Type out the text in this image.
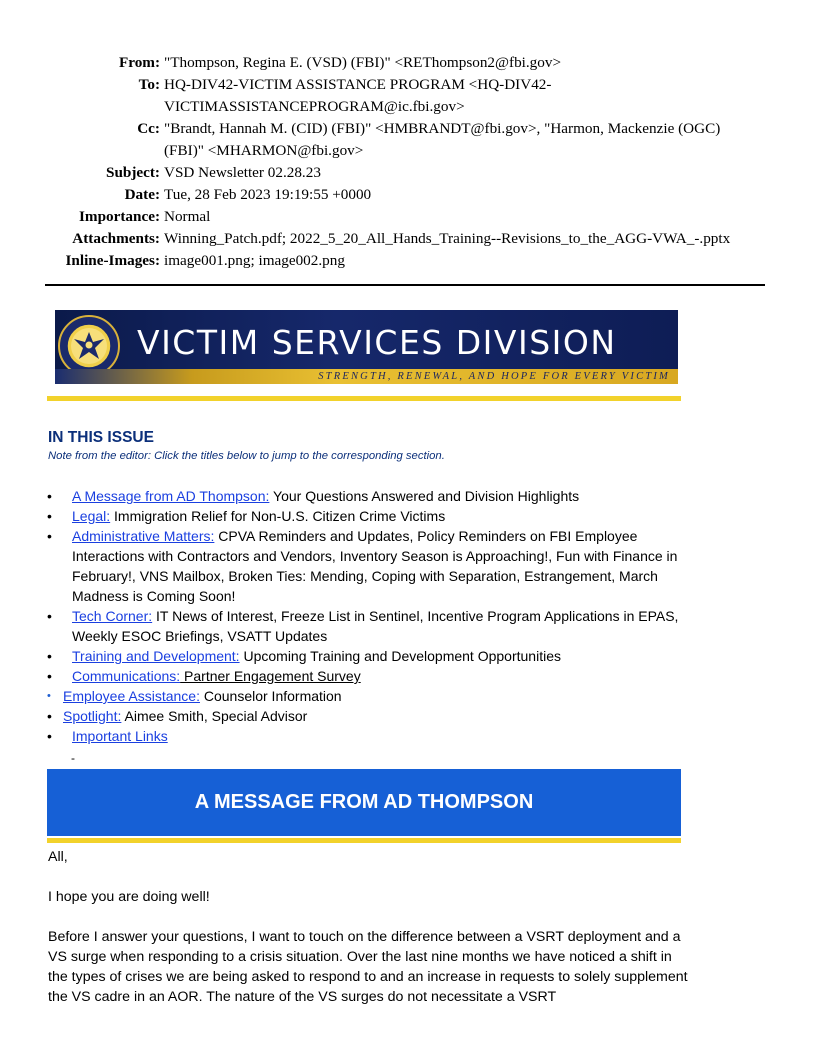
From: "Thompson, Regina E. (VSD) (FBI)" <REThompson2@fbi.gov>
To: HQ-DIV42-VICTIM ASSISTANCE PROGRAM <HQ-DIV42-VICTIMASSISTANCEPROGRAM@ic.fbi.gov>
Cc: "Brandt, Hannah M. (CID) (FBI)" <HMBRANDT@fbi.gov>, "Harmon, Mackenzie (OGC) (FBI)" <MHARMON@fbi.gov>
Subject: VSD Newsletter 02.28.23
Date: Tue, 28 Feb 2023 19:19:55 +0000
Importance: Normal
Attachments: Winning_Patch.pdf; 2022_5_20_All_Hands_Training--Revisions_to_the_AGG-VWA_-.pptx
Inline-Images: image001.png; image002.png
VICTIM SERVICES DIVISION
STRENGTH, RENEWAL, AND HOPE FOR EVERY VICTIM
IN THIS ISSUE
Note from the editor: Click the titles below to jump to the corresponding section.
• A Message from AD Thompson: Your Questions Answered and Division Highlights
• Legal: Immigration Relief for Non-U.S. Citizen Crime Victims
• Administrative Matters: CPVA Reminders and Updates, Policy Reminders on FBI Employee Interactions with Contractors and Vendors, Inventory Season is Approaching!, Fun with Finance in February!, VNS Mailbox, Broken Ties: Mending, Coping with Separation, Estrangement, March Madness is Coming Soon!
• Tech Corner: IT News of Interest, Freeze List in Sentinel, Incentive Program Applications in EPAS, Weekly ESOC Briefings, VSATT Updates
• Training and Development: Upcoming Training and Development Opportunities
• Communications: Partner Engagement Survey
• Employee Assistance: Counselor Information
• Spotlight: Aimee Smith, Special Advisor
• Important Links
-
A MESSAGE FROM AD THOMPSON

All,

I hope you are doing well!

Before I answer your questions, I want to touch on the difference between a VSRT deployment and a VS surge when responding to a crisis situation. Over the last nine months we have noticed a shift in the types of crises we are being asked to respond to and an increase in requests to solely supplement the VS cadre in an AOR. The nature of the VS surges do not necessitate a VSRT
